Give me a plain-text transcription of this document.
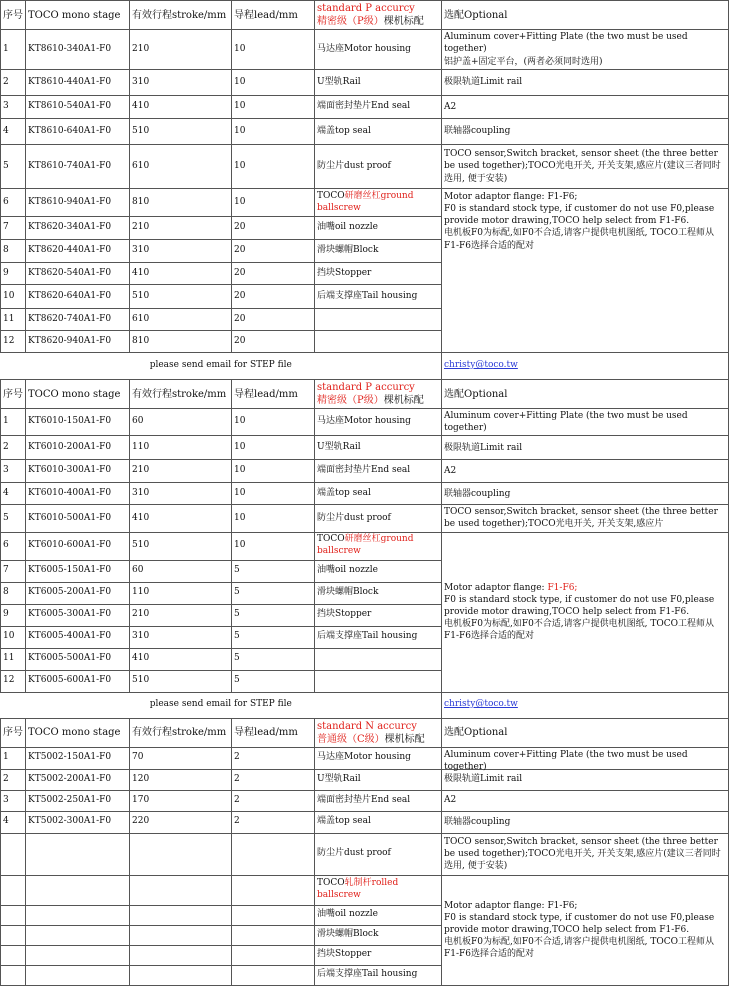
序号	TOCO mono stage	有效行程stroke/mm	导程lead/mm	standard P accurcy
精密级（P级）棵机标配	选配Optional
1	KT8610-340A1-F0	210	10	马达座Motor housing	Aluminum cover+Fitting Plate (the two must be used together)
铝护盖+固定平台，(两者必须同时选用)
2	KT8610-440A1-F0	310	10	U型轨Rail	极限轨道Limit rail
3	KT8610-540A1-F0	410	10	端面密封垫片End seal	A2
4	KT8610-640A1-F0	510	10	端盖top seal	联轴器coupling
5	KT8610-740A1-F0	610	10	防尘片dust proof	TOCO sensor,Switch bracket, sensor sheet (the three better be used together);TOCO光电开关, 开关支架,感应片(建议三者同时选用, 便于安装)
6	KT8610-940A1-F0	810	10	TOCO研磨丝杠ground ballscrew	Motor adaptor flange: F1-F6;
F0 is standard stock type, if customer do not use F0,please provide motor drawing,TOCO help select from F1-F6.
电机板F0为标配,如F0不合适,请客户提供电机图纸, TOCO工程师从F1-F6选择合适的配对

7	KT8620-340A1-F0	210	20	油嘴oil nozzle	
8	KT8620-440A1-F0	310	20	滑块螺帽Block	
9	KT8620-540A1-F0	410	20	挡块Stopper	
10	KT8620-640A1-F0	510	20	后端支撑座Tail housing	
11	KT8620-740A1-F0	610	20		
12	KT8620-940A1-F0	810	20		
please send email for STEP file					christy@toco.tw
序号	TOCO mono stage	有效行程stroke/mm	导程lead/mm	standard P accurcy
精密级（P级）棵机标配	选配Optional
1	KT6010-150A1-F0	60	10	马达座Motor housing	Aluminum cover+Fitting Plate (the two must be used together)
2	KT6010-200A1-F0	110	10	U型轨Rail	极限轨道Limit rail
3	KT6010-300A1-F0	210	10	端面密封垫片End seal	A2
4	KT6010-400A1-F0	310	10	端盖top seal	联轴器coupling
5	KT6010-500A1-F0	410	10	防尘片dust proof	TOCO sensor,Switch bracket, sensor sheet (the three better be used together);TOCO光电开关, 开关支架,感应片
6	KT6010-600A1-F0	510	10	TOCO研磨丝杠ground ballscrew	Motor adaptor flange: F1-F6;
F0 is standard stock type, if customer do not use F0,please provide motor drawing,TOCO help select from F1-F6.
电机板F0为标配,如F0不合适,请客户提供电机图纸, TOCO工程师从F1-F6选择合适的配对

7	KT6005-150A1-F0	60	5	油嘴oil nozzle	
8	KT6005-200A1-F0	110	5	滑块螺帽Block	
9	KT6005-300A1-F0	210	5	挡块Stopper	
10	KT6005-400A1-F0	310	5	后端支撑座Tail housing	
11	KT6005-500A1-F0	410	5		
12	KT6005-600A1-F0	510	5		
please send email for STEP file					christy@toco.tw
序号	TOCO mono stage	有效行程stroke/mm	导程lead/mm	standard N accurcy
普通级（C级）棵机标配	选配Optional
1	KT5002-150A1-F0	70	2	马达座Motor housing	Aluminum cover+Fitting Plate (the two must be used together)

2	KT5002-200A1-F0	120	2	U型轨Rail	极限轨道Limit rail
3	KT5002-250A1-F0	170	2	端面密封垫片End seal	A2
4	KT5002-300A1-F0	220	2	端盖top seal	联轴器coupling
				防尘片dust proof	TOCO sensor,Switch bracket, sensor sheet (the three better be used together);TOCO光电开关, 开关支架,感应片(建议三者同时选用, 便于安装)
				TOCO轧制杆rolled ballscrew	Motor adaptor flange: F1-F6;
F0 is standard stock type, if customer do not use F0,please provide motor drawing,TOCO help select from F1-F6.
电机板F0为标配,如F0不合适,请客户提供电机图纸, TOCO工程师从F1-F6选择合适的配对

				油嘴oil nozzle	
				滑块螺帽Block	
				挡块Stopper	
				后端支撑座Tail housing	
